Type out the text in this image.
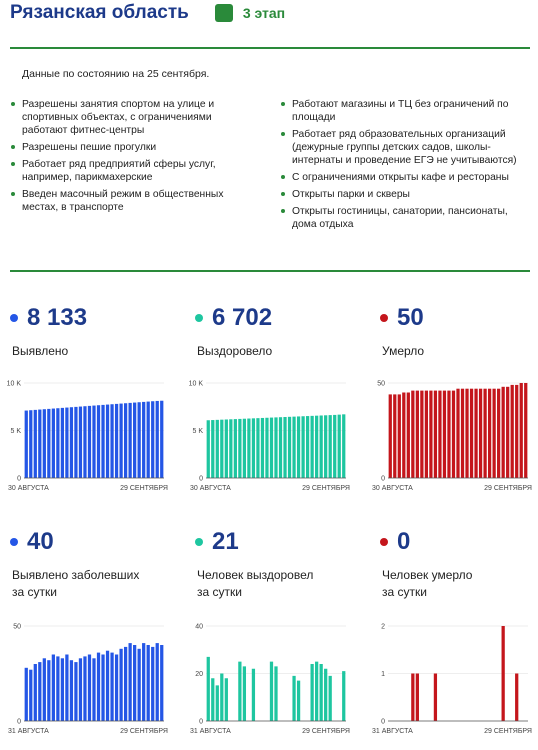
Рязанская область	3 этап
Данные по состоянию на 25 сентября.
Разрешены занятия спортом на улице и спортивных объектах, с ограничениями работают фитнес-центры
Разрешены пешие прогулки
Работает ряд предприятий сферы услуг, например, парикмахерские
Введен масочный режим в общественных местах, в транспорте
Работают магазины и ТЦ без ограничений по площади
Работает ряд образовательных организаций (дежурные группы детских садов, школы-интернаты и проведение ЕГЭ не учитываются)
С ограничениями открыты кафе и рестораны
Открыты парки и скверы
Открыты гостиницы, санатории, пансионаты, дома отдыха
8 133
Выявлено
6 702
Выздоровело
50
Умерло
0
5 K
10 K
30 АВГУСТА	29 СЕНТЯБРЯ
0
5 K
10 K
30 АВГУСТА	29 СЕНТЯБРЯ
0
50
30 АВГУСТА	29 СЕНТЯБРЯ
40
Выявлено заболевших
за сутки
21
Человек выздоровел
за сутки
0
Человек умерло
за сутки
0
50
31 АВГУСТА	29 СЕНТЯБРЯ
0
20
40
31 АВГУСТА	29 СЕНТЯБРЯ
0
1
2
31 АВГУСТА	29 СЕНТЯБРЯ
